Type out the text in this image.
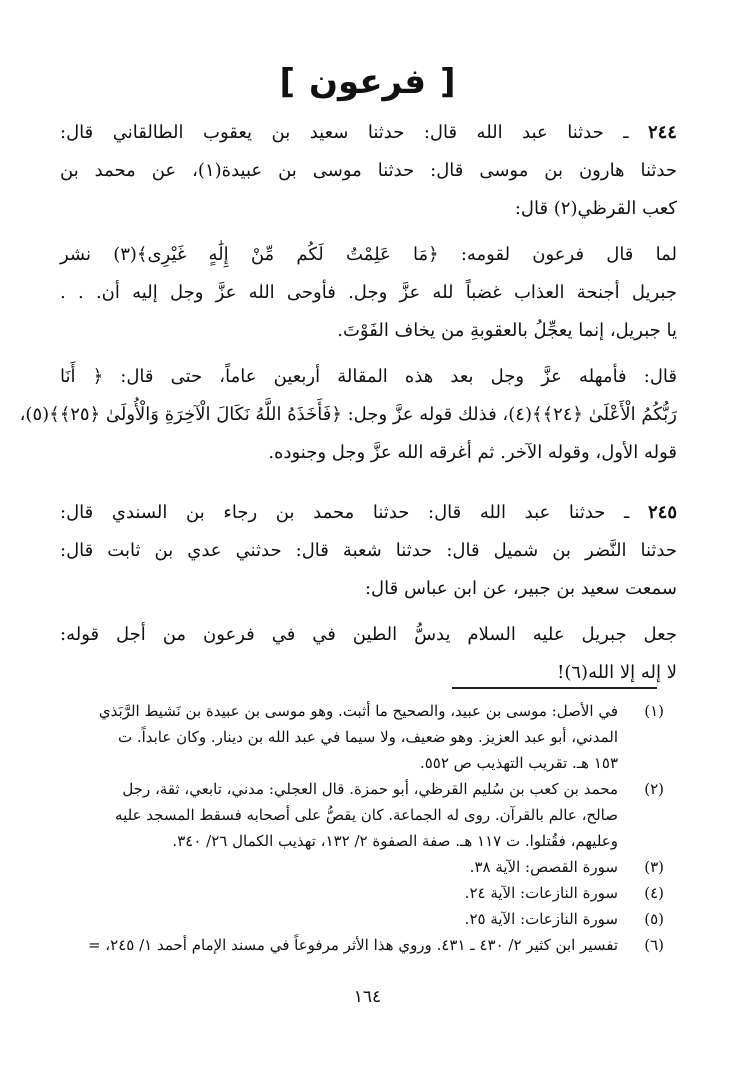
[فرعون]
٢٤٤ ـ حدثنا عبد الله قال: حدثنا سعيد بن يعقوب الطالقاني قال:
حدثنا هارون بن موسى قال: حدثنا موسى بن عبيدة(١)، عن محمد بن
كعب القرظي(٢) قال:
لما قال فرعون لقومه: ﴿مَا عَلِمْتُ لَكُم مِّنْ إِلَٰهٍ غَيْرِى﴾(٣) نشر
جبريل أجنحة العذاب غضباً لله عزَّ وجل. فأوحى الله عزَّ وجل إليه أن. . .
يا جبريل، إنما يعجِّلُ بالعقوبةِ من يخاف الفَوْتَ.
قال: فأمهله عزَّ وجل بعد هذه المقالة أربعين عاماً، حتى قال: ﴿ أَنَا
رَبُّكُمُ الْأَعْلَىٰ ﴿٢٤﴾﴾(٤)، فذلك قوله عزَّ وجل: ﴿فَأَخَذَهُ اللَّهُ نَكَالَ الْآخِرَةِ وَالْأُولَىٰ ﴿٢٥﴾﴾(٥)،
قوله الأول، وقوله الآخر. ثم أغرقه الله عزَّ وجل وجنوده.
٢٤٥ ـ حدثنا عبد الله قال: حدثنا محمد بن رجاء بن السندي قال:
حدثنا النَّضر بن شميل قال: حدثنا شعبة قال: حدثني عدي بن ثابت قال:
سمعت سعيد بن جبير، عن ابن عباس قال:
جعل جبريل عليه السلام يدسُّ الطين في في فرعون من أجل قوله:
لا إله إلا الله(٦)!
(١)
في الأصل: موسى بن عبيد، والصحيح ما أثبت. وهو موسى بن عبيدة بن نَشيط الرَّبَذي
المدني، أبو عبد العزيز. وهو ضعيف، ولا سيما في عبد الله بن دينار. وكان عابداً. ت
١٥٣ هـ. تقريب التهذيب ص ٥٥٢.
(٢)
محمد بن كعب بن سُليم القرظي، أبو حمزة. قال العجلي: مدني، تابعي، ثقة، رجل
صالح، عالم بالقرآن. روى له الجماعة. كان يقصُّ على أصحابه فسقط المسجد عليه
وعليهم، فقُتلوا. ت ١١٧ هـ. صفة الصفوة ٢/ ١٣٢، تهذيب الكمال ٢٦/ ٣٤٠.
(٣)
سورة القصص: الآية ٣٨.
(٤)
سورة النازعات: الآية ٢٤.
(٥)
سورة النازعات: الآية ٢٥.
(٦)
تفسير ابن كثير ٢/ ٤٣٠ ـ ٤٣١. وروي هذا الأثر مرفوعاً في مسند الإمام أحمد ١/ ٢٤٥، =
١٦٤
